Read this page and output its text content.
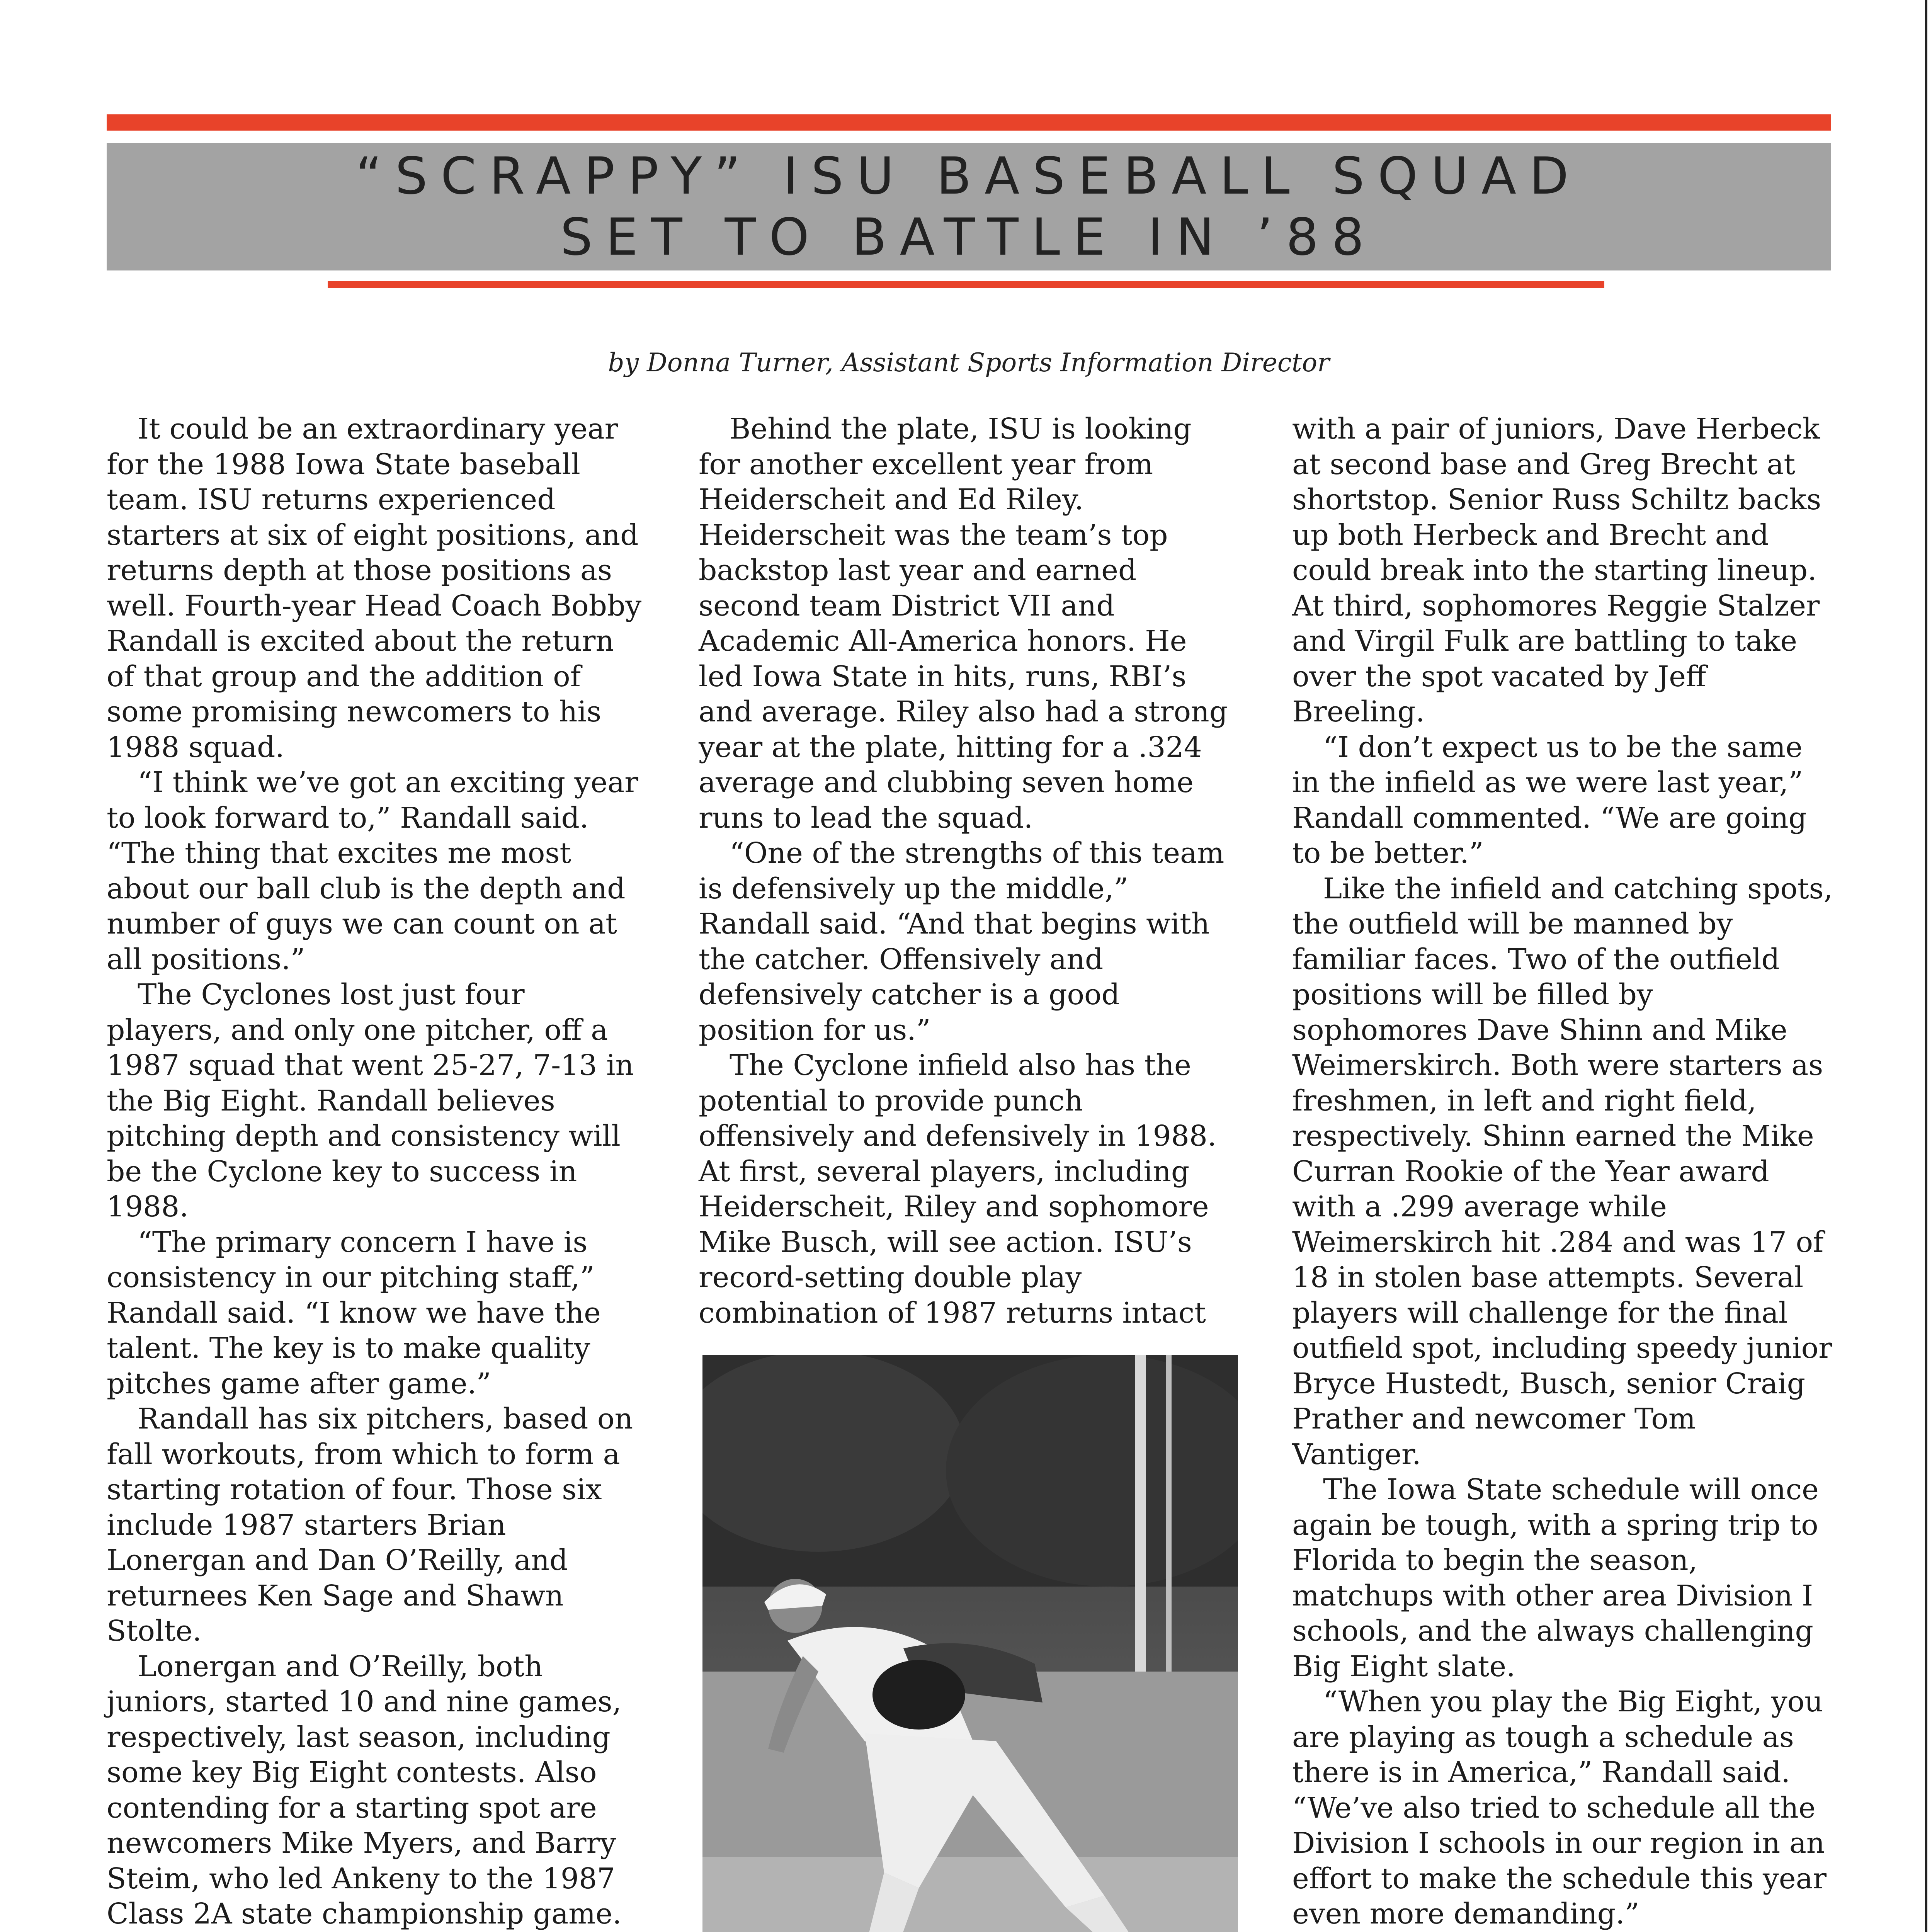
“SCRAPPY” ISU BASEBALL SQUAD
SET TO BATTLE IN ’88
by Donna Turner, Assistant Sports Information Director

It could be an extraordinary year for the 1988 Iowa State baseball team. ISU returns experienced starters at six of eight positions, and returns depth at those positions as well. Fourth-year Head Coach Bobby Randall is excited about the return of that group and the addition of some promising newcomers to his 1988 squad.

“I think we’ve got an exciting year to look forward to,” Randall said. “The thing that excites me most about our ball club is the depth and number of guys we can count on at all positions.”

The Cyclones lost just four players, and only one pitcher, off a 1987 squad that went 25-27, 7-13 in the Big Eight. Randall believes pitching depth and consistency will be the Cyclone key to success in 1988.

“The primary concern I have is consistency in our pitching staff,” Randall said. “I know we have the talent. The key is to make quality pitches game after game.”

Randall has six pitchers, based on fall workouts, from which to form a starting rotation of four. Those six include 1987 starters Brian Lonergan and Dan O’Reilly, and returnees Ken Sage and Shawn Stolte.

Lonergan and O’Reilly, both juniors, started 10 and nine games, respectively, last season, including some key Big Eight contests. Also contending for a starting spot are newcomers Mike Myers, and Barry Steim, who led Ankeny to the 1987 Class 2A state championship game.

Behind the plate, ISU is looking for another excellent year from Heiderscheit and Ed Riley. Heiderscheit was the team’s top backstop last year and earned second team District VII and Academic All-America honors. He led Iowa State in hits, runs, RBI’s and average. Riley also had a strong year at the plate, hitting for a .324 average and clubbing seven home runs to lead the squad.

“One of the strengths of this team is defensively up the middle,” Randall said. “And that begins with the catcher. Offensively and defensively catcher is a good position for us.”

The Cyclone infield also has the potential to provide punch offensively and defensively in 1988. At first, several players, including Heiderscheit, Riley and sophomore Mike Busch, will see action. ISU’s record-setting double play combination of 1987 returns intact

with a pair of juniors, Dave Herbeck at second base and Greg Brecht at shortstop. Senior Russ Schiltz backs up both Herbeck and Brecht and could break into the starting lineup. At third, sophomores Reggie Stalzer and Virgil Fulk are battling to take over the spot vacated by Jeff Breeling.

“I don’t expect us to be the same in the infield as we were last year,” Randall commented. “We are going to be better.”

Like the infield and catching spots, the outfield will be manned by familiar faces. Two of the outfield positions will be filled by sophomores Dave Shinn and Mike Weimerskirch. Both were starters as freshmen, in left and right field, respectively. Shinn earned the Mike Curran Rookie of the Year award with a .299 average while Weimerskirch hit .284 and was 17 of 18 in stolen base attempts. Several players will challenge for the final outfield spot, including speedy junior Bryce Hustedt, Busch, senior Craig Prather and newcomer Tom Vantiger.

The Iowa State schedule will once again be tough, with a spring trip to Florida to begin the season, matchups with other area Division I schools, and the always challenging Big Eight slate.

“When you play the Big Eight, you are playing as tough a schedule as there is in America,” Randall said. “We’ve also tried to schedule all the Division I schools in our region in an effort to make the schedule this year even more demanding.”
